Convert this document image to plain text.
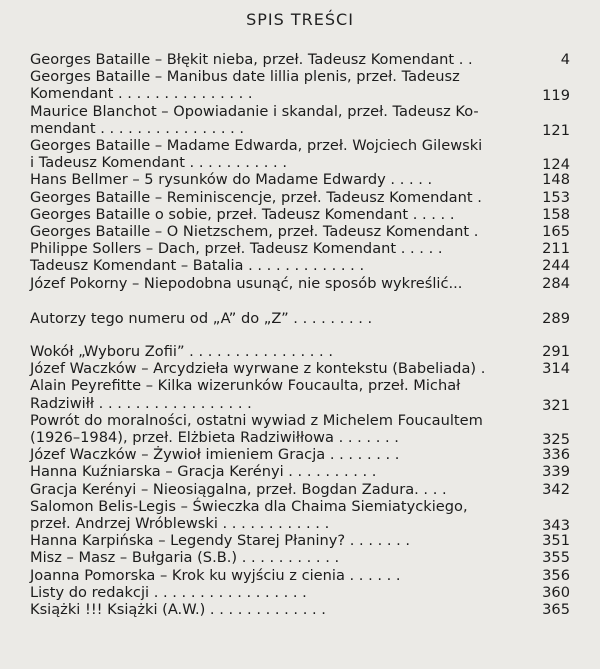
SPIS TREŚCI
Georges Bataille – Błękit nieba, przeł. Tadeusz Komendant . .	4
Georges Bataille – Manibus date lillia plenis, przeł. Tadeusz
Komendant . . . . . . . . . . . . . . .	119
Maurice Blanchot – Opowiadanie i skandal, przeł. Tadeusz Ko-
mendant . . . . . . . . . . . . . . . .	121
Georges Bataille – Madame Edwarda, przeł. Wojciech Gilewski
i Tadeusz Komendant . . . . . . . . . . .	124
Hans Bellmer – 5 rysunków do Madame Edwardy . . . . .	148
Georges Bataille – Reminiscencje, przeł. Tadeusz Komendant .	153
Georges Bataille o sobie, przeł. Tadeusz Komendant . . . . .	158
Georges Bataille – O Nietzschem, przeł. Tadeusz Komendant .	165
Philippe Sollers – Dach, przeł. Tadeusz Komendant . . . . .	211
Tadeusz Komendant – Batalia . . . . . . . . . . . . .	244
Józef Pokorny – Niepodobna usunąć, nie sposób wykreślić...	284
Autorzy tego numeru od „A” do „Z” . . . . . . . . .	289
Wokół „Wyboru Zofii” . . . . . . . . . . . . . . . .	291
Józef Waczków – Arcydzieła wyrwane z kontekstu (Babeliada) .	314
Alain Peyrefitte – Kilka wizerunków Foucaulta, przeł. Michał
Radziwiłł . . . . . . . . . . . . . . . . .	321
Powrót do moralności, ostatni wywiad z Michelem Foucaultem
(1926–1984), przeł. Elżbieta Radziwiłłowa . . . . . . .	325
Józef Waczków – Żywioł imieniem Gracja . . . . . . . .	336
Hanna Kuźniarska – Gracja Kerényi . . . . . . . . . .	339
Gracja Kerényi – Nieosiągalna, przeł. Bogdan Zadura. . . .	342
Salomon Belis-Legis – Świeczka dla Chaima Siemiatyckiego,
przeł. Andrzej Wróblewski . . . . . . . . . . . .	343
Hanna Karpińska – Legendy Starej Płaniny? . . . . . . .	351
Misz – Masz – Bułgaria (S.B.) . . . . . . . . . . .	355
Joanna Pomorska – Krok ku wyjściu z cienia . . . . . .	356
Listy do redakcji . . . . . . . . . . . . . . . . .	360
Książki !!! Książki (A.W.) . . . . . . . . . . . . .	365
